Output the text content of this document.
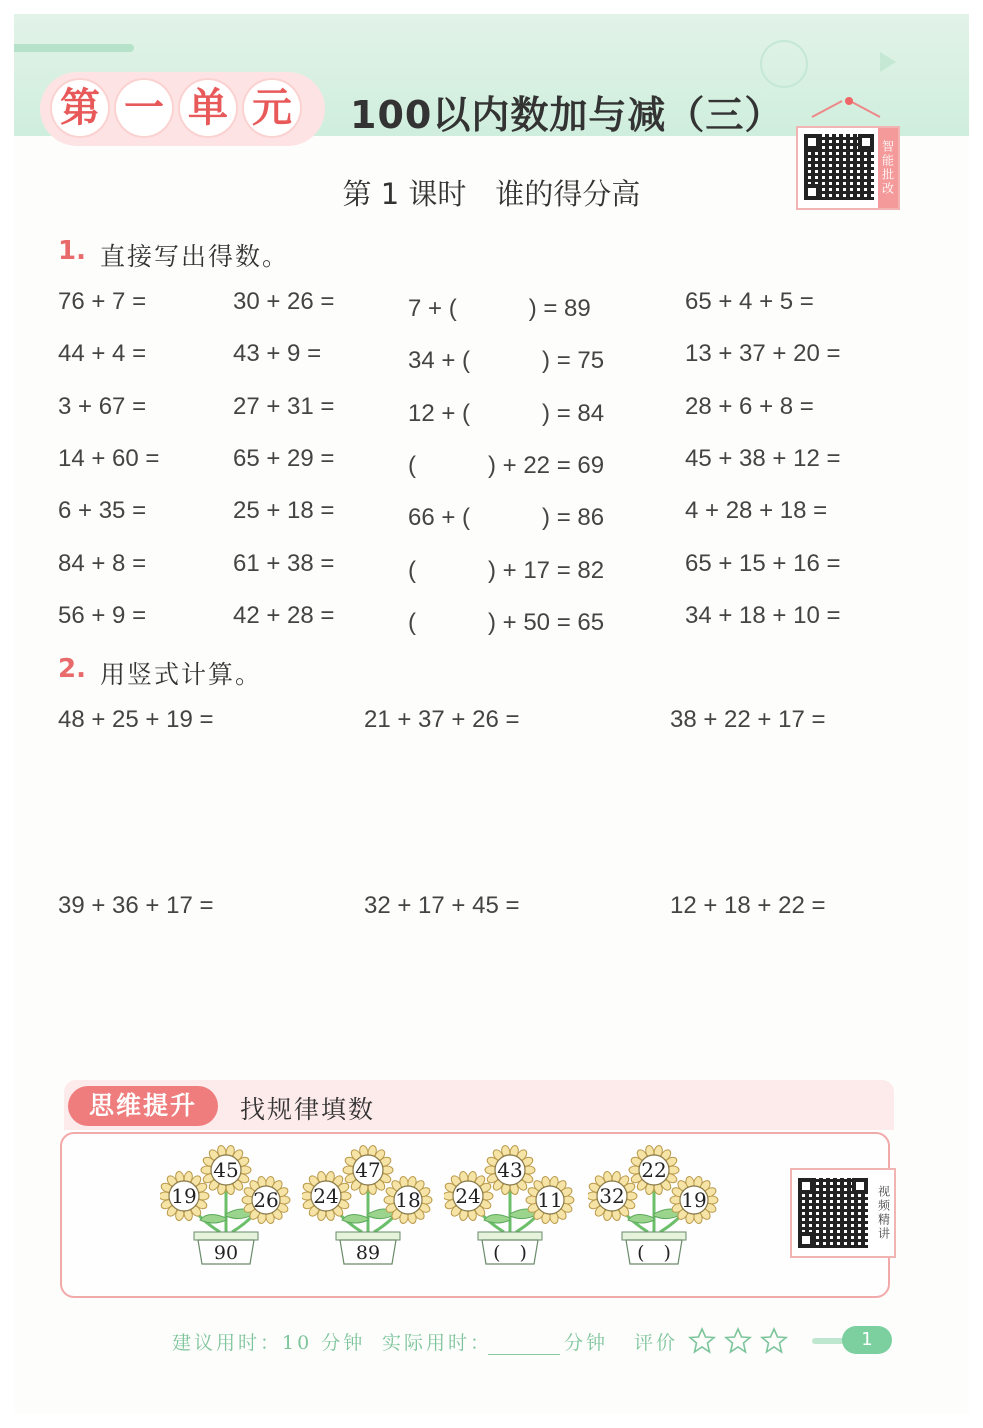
第 一 单 元 100以内数加与减（三）
智能批改
第 1 课时　谁的得分高
1. 直接写出得数。
76 + 7 =	30 + 26 =	7 + (　　　) = 89	65 + 4 + 5 =
44 + 4 =	43 + 9 =	34 + (　　　) = 75	13 + 37 + 20 =
3 + 67 =	27 + 31 =	12 + (　　　) = 84	28 + 6 + 8 =
14 + 60 =	65 + 29 =	(　　　) + 22 = 69	45 + 38 + 12 =
6 + 35 =	25 + 18 =	66 + (　　　) = 86	4 + 28 + 18 =
84 + 8 =	61 + 38 =	(　　　) + 17 = 82	65 + 15 + 16 =
56 + 9 =	42 + 28 =	(　　　) + 50 = 65	34 + 18 + 10 =
2. 用竖式计算。
48 + 25 + 19 =	21 + 37 + 26 =	38 + 22 + 17 =
39 + 36 + 17 =	32 + 17 + 45 =	12 + 18 + 22 =
思维提升	找规律填数
90
45
19	26
89
47
24	18
(　)
43
24	11
(　)
22
32	19	视频精讲
建议用时：10 分钟 实际用时：	分钟 评价	1
